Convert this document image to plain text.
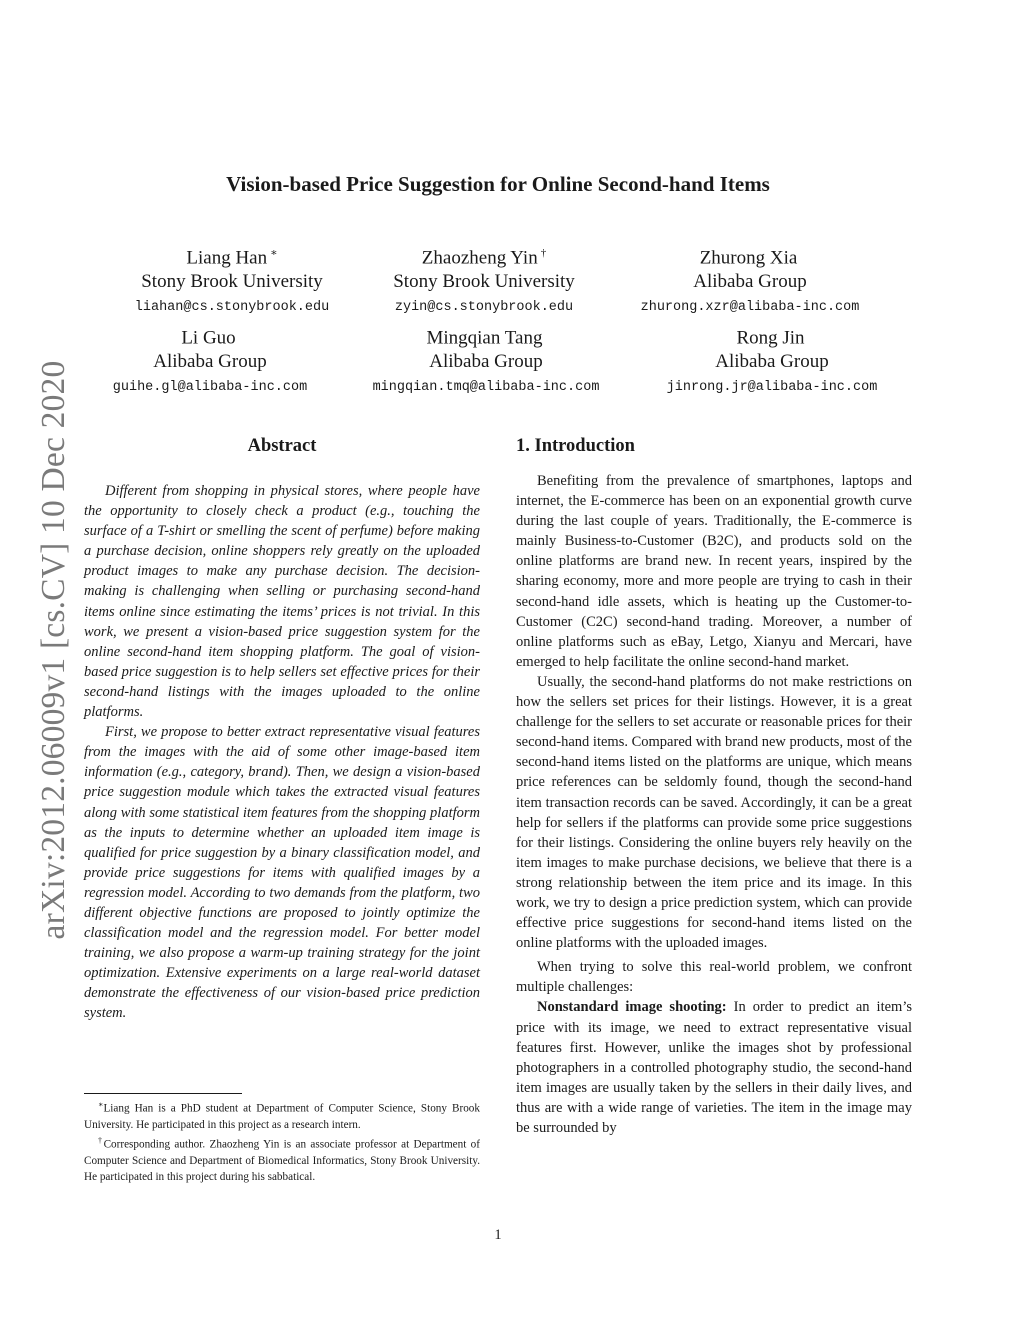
arXiv:2012.06009v1 [cs.CV] 10 Dec 2020
Vision-based Price Suggestion for Online Second-hand Items
Liang Han ∗
Stony Brook University
liahan@cs.stonybrook.edu
Zhaozheng Yin †
Stony Brook University
zyin@cs.stonybrook.edu
Zhurong Xia
Alibaba Group
zhurong.xzr@alibaba-inc.com
Li Guo
Alibaba Group
guihe.gl@alibaba-inc.com
Mingqian Tang
Alibaba Group
mingqian.tmq@alibaba-inc.com
Rong Jin
Alibaba Group
jinrong.jr@alibaba-inc.com
Abstract

Different from shopping in physical stores, where people have the opportunity to closely check a product (e.g., touching the surface of a T-shirt or smelling the scent of perfume) before making a purchase decision, online shoppers rely greatly on the uploaded product images to make any purchase decision. The decision-making is challenging when selling or purchasing second-hand items online since estimating the items’ prices is not trivial. In this work, we present a vision-based price suggestion system for the online second-hand item shopping platform. The goal of vision-based price suggestion is to help sellers set effective prices for their second-hand listings with the images uploaded to the online platforms.

First, we propose to better extract representative visual features from the images with the aid of some other image-based item information (e.g., category, brand). Then, we design a vision-based price suggestion module which takes the extracted visual features along with some statistical item features from the shopping platform as the inputs to determine whether an uploaded item image is qualified for price suggestion by a binary classification model, and provide price suggestions for items with qualified images by a regression model. According to two demands from the platform, two different objective functions are proposed to jointly optimize the classification model and the regression model. For better model training, we also propose a warm-up training strategy for the joint optimization. Extensive experiments on a large real-world dataset demonstrate the effectiveness of our vision-based price prediction system.

∗Liang Han is a PhD student at Department of Computer Science, Stony Brook University. He participated in this project as a research intern.

†Corresponding author. Zhaozheng Yin is an associate professor at Department of Computer Science and Department of Biomedical Informatics, Stony Brook University. He participated in this project during his sabbatical.

1. Introduction

Benefiting from the prevalence of smartphones, laptops and internet, the E-commerce has been on an exponential growth curve during the last couple of years. Traditionally, the E-commerce is mainly Business-to-Customer (B2C), and products sold on the online platforms are brand new. In recent years, inspired by the sharing economy, more and more people are trying to cash in their second-hand idle assets, which is heating up the Customer-to-Customer (C2C) second-hand trading. Moreover, a number of online platforms such as eBay, Letgo, Xianyu and Mercari, have emerged to help facilitate the online second-hand market.

Usually, the second-hand platforms do not make restrictions on how the sellers set prices for their listings. However, it is a great challenge for the sellers to set accurate or reasonable prices for their second-hand items. Compared with brand new products, most of the second-hand items listed on the platforms are unique, which means price references can be seldomly found, though the second-hand item transaction records can be saved. Accordingly, it can be a great help for sellers if the platforms can provide some price suggestions for their listings. Considering the online buyers rely heavily on the item images to make purchase decisions, we believe that there is a strong relationship between the item price and its image. In this work, we try to design a price prediction system, which can provide effective price suggestions for second-hand items listed on the online platforms with the uploaded images.

When trying to solve this real-world problem, we confront multiple challenges:

Nonstandard image shooting: In order to predict an item’s price with its image, we need to extract representative visual features first. However, unlike the images shot by professional photographers in a controlled photography studio, the second-hand item images are usually taken by the sellers in their daily lives, and thus are with a wide range of varieties. The item in the image may be surrounded by

1
